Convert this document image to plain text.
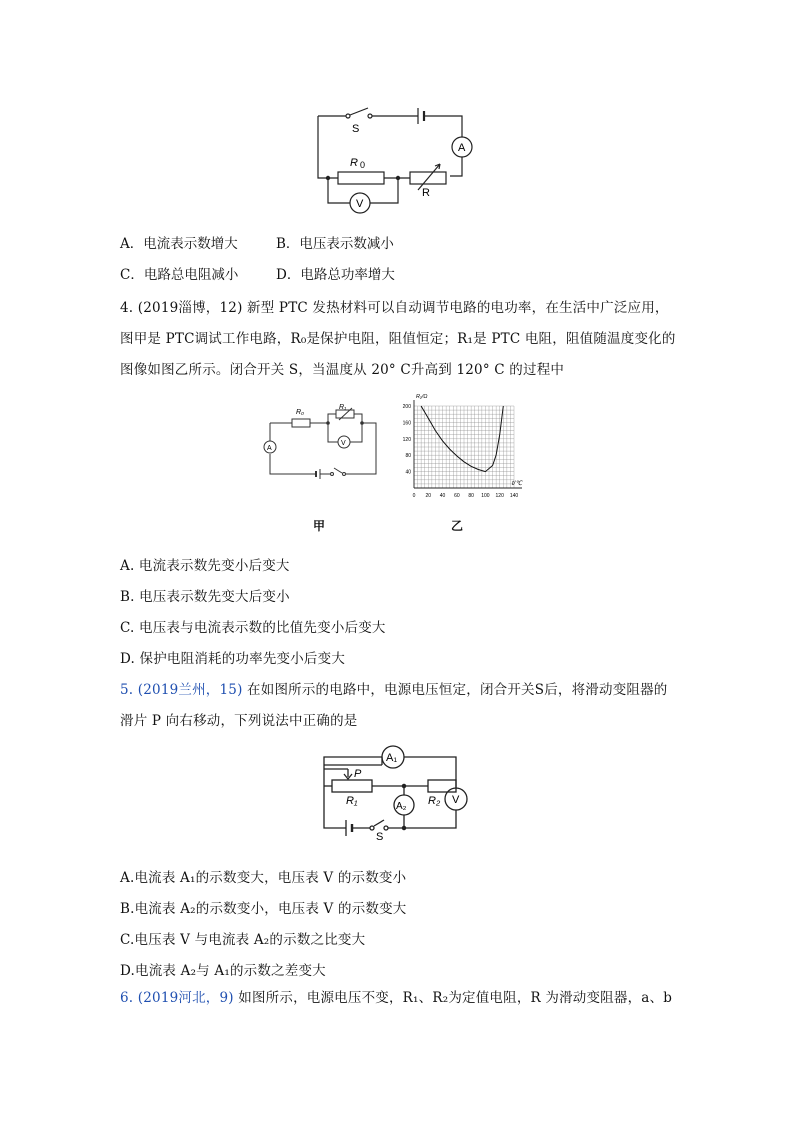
S
A
R 0
R
V
A．电流表示数增大	B．电压表示数减小
C．电路总电阻减小	D．电路总功率增大
4. (2019淄博，12) 新型 PTC 发热材料可以自动调节电路的电功率，在生活中广泛应用，
图甲是 PTC调试工作电路，R₀是保护电阻，阻值恒定；R₁是 PTC 电阻，阻值随温度变化的
图像如图乙所示。闭合开关 S，当温度从 20° C升高到 120° C 的过程中
R₀
R₁
A
V
0 20 40 60 80 100 120 140
40
80
120
160
200
R₁/Ω
t/℃
甲	乙
A. 电流表示数先变小后变大
B. 电压表示数先变大后变小
C. 电压表与电流表示数的比值先变小后变大
D. 保护电阻消耗的功率先变小后变大
5. (2019兰州，15) 在如图所示的电路中，电源电压恒定，闭合开关S后，将滑动变阻器的
滑片 P 向右移动，下列说法中正确的是
A₁
P
R₁	A₂ R₂ V
S
A.电流表 A₁的示数变大，电压表 V 的示数变小
B.电流表 A₂的示数变小，电压表 V 的示数变大
C.电压表 V 与电流表 A₂的示数之比变大
D.电流表 A₂与 A₁的示数之差变大
6. (2019河北，9) 如图所示，电源电压不变，R₁、R₂为定值电阻，R 为滑动变阻器，a、b
